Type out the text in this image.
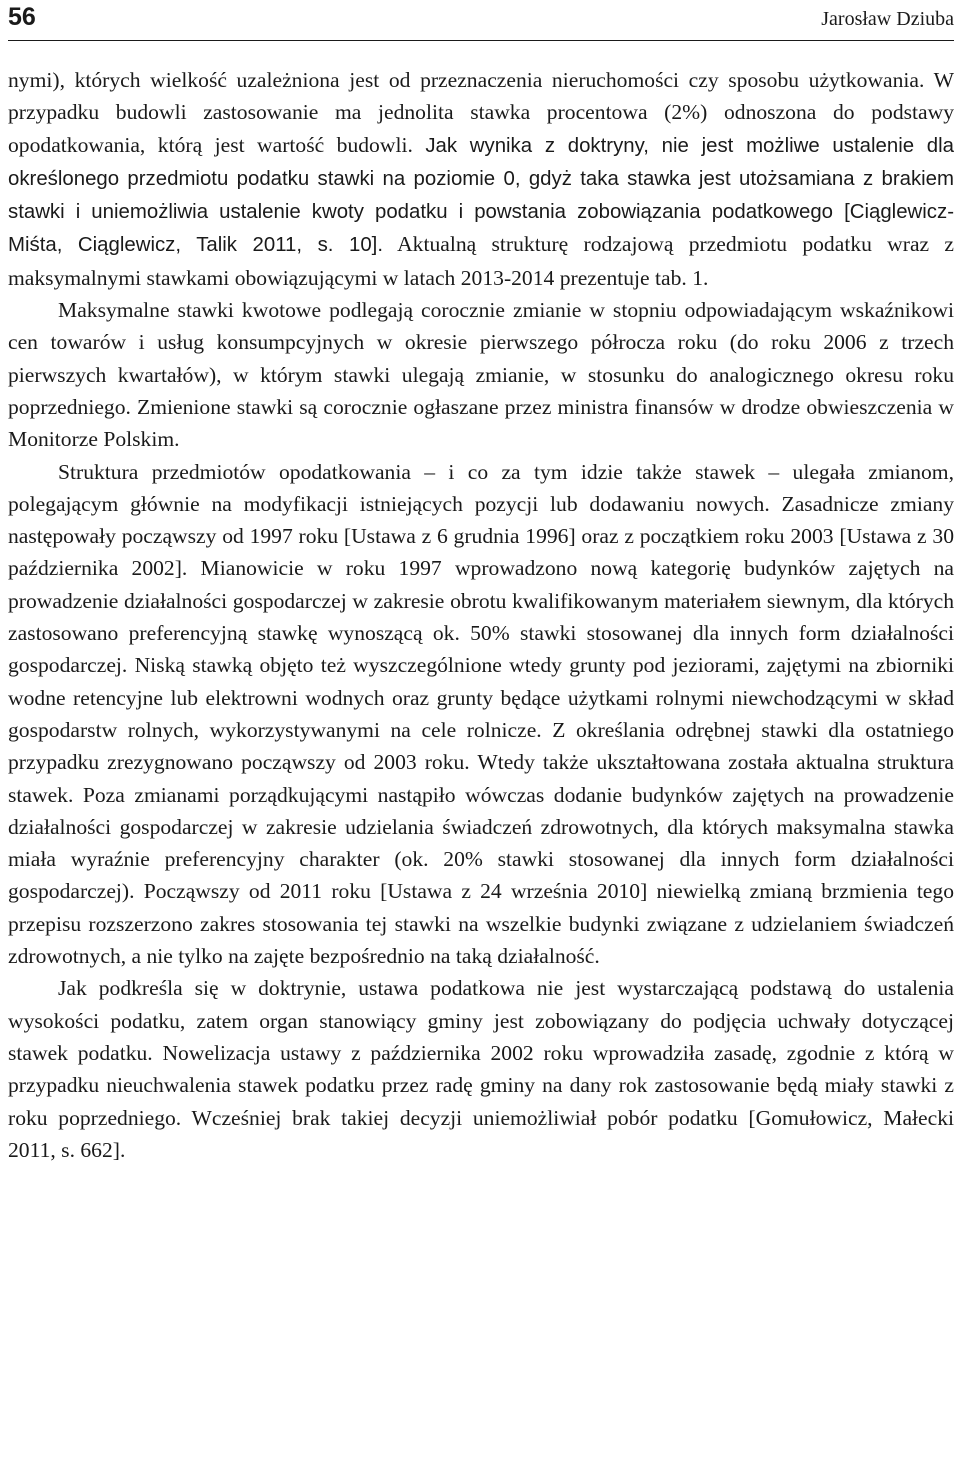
56	Jarosław Dziuba

nymi), których wielkość uzależniona jest od przeznaczenia nieruchomości czy sposobu użytkowania. W przypadku budowli zastosowanie ma jednolita stawka procentowa (2%) odnoszona do podstawy opodatkowania, którą jest wartość budowli. Jak wynika z doktryny, nie jest możliwe ustalenie dla określonego przedmiotu podatku stawki na poziomie 0, gdyż taka stawka jest utożsamiana z brakiem stawki i uniemożliwia ustalenie kwoty podatku i powstania zobowiązania podatkowego [Ciąglewicz-Miśta, Ciąglewicz, Talik 2011, s. 10]. Aktualną strukturę rodzajową przedmiotu podatku wraz z maksymalnymi stawkami obowiązującymi w latach 2013-2014 prezentuje tab. 1.

Maksymalne stawki kwotowe podlegają corocznie zmianie w stopniu odpowiadającym wskaźnikowi cen towarów i usług konsumpcyjnych w okresie pierwszego półrocza roku (do roku 2006 z trzech pierwszych kwartałów), w którym stawki ulegają zmianie, w stosunku do analogicznego okresu roku poprzedniego. Zmienione stawki są corocznie ogłaszane przez ministra finansów w drodze obwieszczenia w Monitorze Polskim.

Struktura przedmiotów opodatkowania – i co za tym idzie także stawek – ulegała zmianom, polegającym głównie na modyfikacji istniejących pozycji lub dodawaniu nowych. Zasadnicze zmiany następowały począwszy od 1997 roku [Ustawa z 6 grudnia 1996] oraz z początkiem roku 2003 [Ustawa z 30 października 2002]. Mianowicie w roku 1997 wprowadzono nową kategorię budynków zajętych na prowadzenie działalności gospodarczej w zakresie obrotu kwalifikowanym materiałem siewnym, dla których zastosowano preferencyjną stawkę wynoszącą ok. 50% stawki stosowanej dla innych form działalności gospodarczej. Niską stawką objęto też wyszczególnione wtedy grunty pod jeziorami, zajętymi na zbiorniki wodne retencyjne lub elektrowni wodnych oraz grunty będące użytkami rolnymi niewchodzącymi w skład gospodarstw rolnych, wykorzystywanymi na cele rolnicze. Z określania odrębnej stawki dla ostatniego przypadku zrezygnowano począwszy od 2003 roku. Wtedy także ukształtowana została aktualna struktura stawek. Poza zmianami porządkującymi nastąpiło wówczas dodanie budynków zajętych na prowadzenie działalności gospodarczej w zakresie udzielania świadczeń zdrowotnych, dla których maksymalna stawka miała wyraźnie preferencyjny charakter (ok. 20% stawki stosowanej dla innych form działalności gospodarczej). Począwszy od 2011 roku [Ustawa z 24 września 2010] niewielką zmianą brzmienia tego przepisu rozszerzono zakres stosowania tej stawki na wszelkie budynki związane z udzielaniem świadczeń zdrowotnych, a nie tylko na zajęte bezpośrednio na taką działalność.

Jak podkreśla się w doktrynie, ustawa podatkowa nie jest wystarczającą podstawą do ustalenia wysokości podatku, zatem organ stanowiący gminy jest zobowiązany do podjęcia uchwały dotyczącej stawek podatku. Nowelizacja ustawy z października 2002 roku wprowadziła zasadę, zgodnie z którą w przypadku nieuchwalenia stawek podatku przez radę gminy na dany rok zastosowanie będą miały stawki z roku poprzedniego. Wcześniej brak takiej decyzji uniemożliwiał pobór podatku [Gomułowicz, Małecki 2011, s. 662].
